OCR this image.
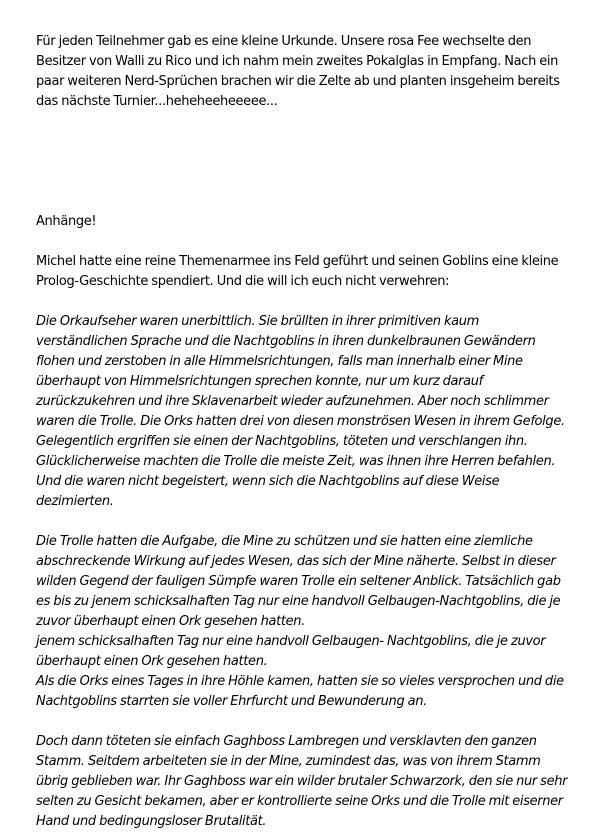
Für jeden Teilnehmer gab es eine kleine Urkunde. Unsere rosa Fee wechselte den Besitzer von Walli zu Rico und ich nahm mein zweites Pokalglas in Empfang. Nach ein paar weiteren Nerd-Sprüchen brachen wir die Zelte ab und planten insgeheim bereits das nächste Turnier...heheheeheeeee...

Anhänge!

Michel hatte eine reine Themenarmee ins Feld geführt und seinen Goblins eine kleine Prolog-Geschichte spendiert. Und die will ich euch nicht verwehren:

Die Orkaufseher waren unerbittlich. Sie brüllten in ihrer primitiven kaum verständlichen Sprache und die Nachtgoblins in ihren dunkelbraunen Gewändern flohen und zerstoben in alle Himmelsrichtungen, falls man innerhalb einer Mine überhaupt von Himmelsrichtungen sprechen konnte, nur um kurz darauf zurückzukehren und ihre Sklavenarbeit wieder aufzunehmen. Aber noch schlimmer waren die Trolle. Die Orks hatten drei von diesen monströsen Wesen in ihrem Gefolge. Gelegentlich ergriffen sie einen der Nachtgoblins, töteten und verschlangen ihn. Glücklicherweise machten die Trolle die meiste Zeit, was ihnen ihre Herren befahlen. Und die waren nicht begeistert, wenn sich die Nachtgoblins auf diese Weise dezimierten.

Die Trolle hatten die Aufgabe, die Mine zu schützen und sie hatten eine ziemliche abschreckende Wirkung auf jedes Wesen, das sich der Mine näherte. Selbst in dieser wilden Gegend der fauligen Sümpfe waren Trolle ein seltener Anblick. Tatsächlich gab es bis zu jenem schicksalhaften Tag nur eine handvoll Gelbaugen-Nachtgoblins, die je zuvor überhaupt einen Ork gesehen hatten.
jenem schicksalhaften Tag nur eine handvoll Gelbaugen- Nachtgoblins, die je zuvor überhaupt einen Ork gesehen hatten.
Als die Orks eines Tages in ihre Höhle kamen, hatten sie so vieles versprochen und die Nachtgoblins starrten sie voller Ehrfurcht und Bewunderung an.

Doch dann töteten sie einfach Gaghboss Lambregen und versklavten den ganzen Stamm. Seitdem arbeiteten sie in der Mine, zumindest das, was von ihrem Stamm übrig geblieben war. Ihr Gaghboss war ein wilder brutaler Schwarzork, den sie nur sehr selten zu Gesicht bekamen, aber er kontrollierte seine Orks und die Trolle mit eiserner Hand und bedingungsloser Brutalität.
